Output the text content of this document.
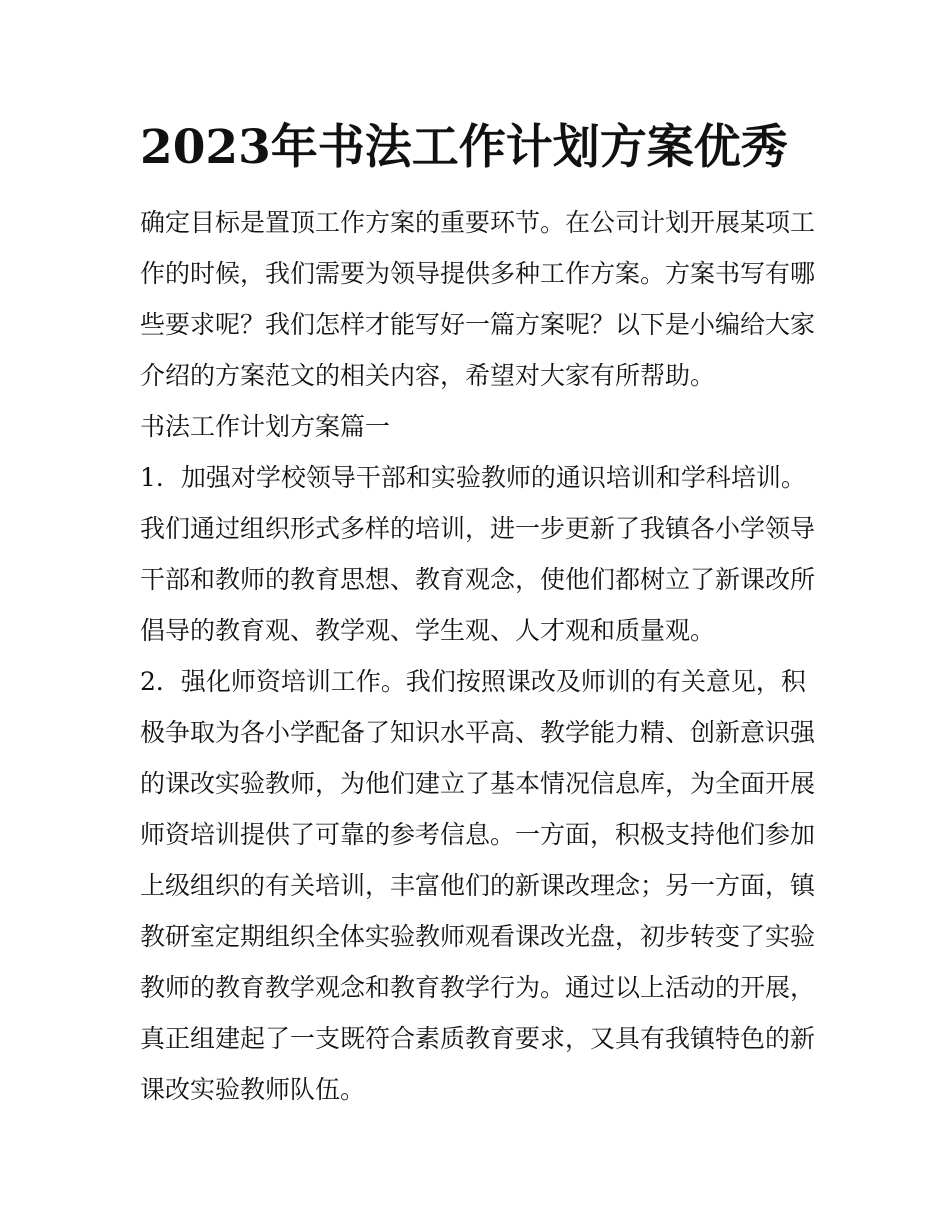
2023年书法工作计划方案优秀

确定目标是置顶工作方案的重要环节。在公司计划开展某项工

作的时候，我们需要为领导提供多种工作方案。方案书写有哪

些要求呢？我们怎样才能写好一篇方案呢？以下是小编给大家

介绍的方案范文的相关内容，希望对大家有所帮助。

书法工作计划方案篇一

1．加强对学校领导干部和实验教师的通识培训和学科培训。

我们通过组织形式多样的培训，进一步更新了我镇各小学领导

干部和教师的教育思想、教育观念，使他们都树立了新课改所

倡导的教育观、教学观、学生观、人才观和质量观。

2．强化师资培训工作。我们按照课改及师训的有关意见，积

极争取为各小学配备了知识水平高、教学能力精、创新意识强

的课改实验教师，为他们建立了基本情况信息库，为全面开展

师资培训提供了可靠的参考信息。一方面，积极支持他们参加

上级组织的有关培训，丰富他们的新课改理念；另一方面，镇

教研室定期组织全体实验教师观看课改光盘，初步转变了实验

教师的教育教学观念和教育教学行为。通过以上活动的开展，

真正组建起了一支既符合素质教育要求，又具有我镇特色的新

课改实验教师队伍。
